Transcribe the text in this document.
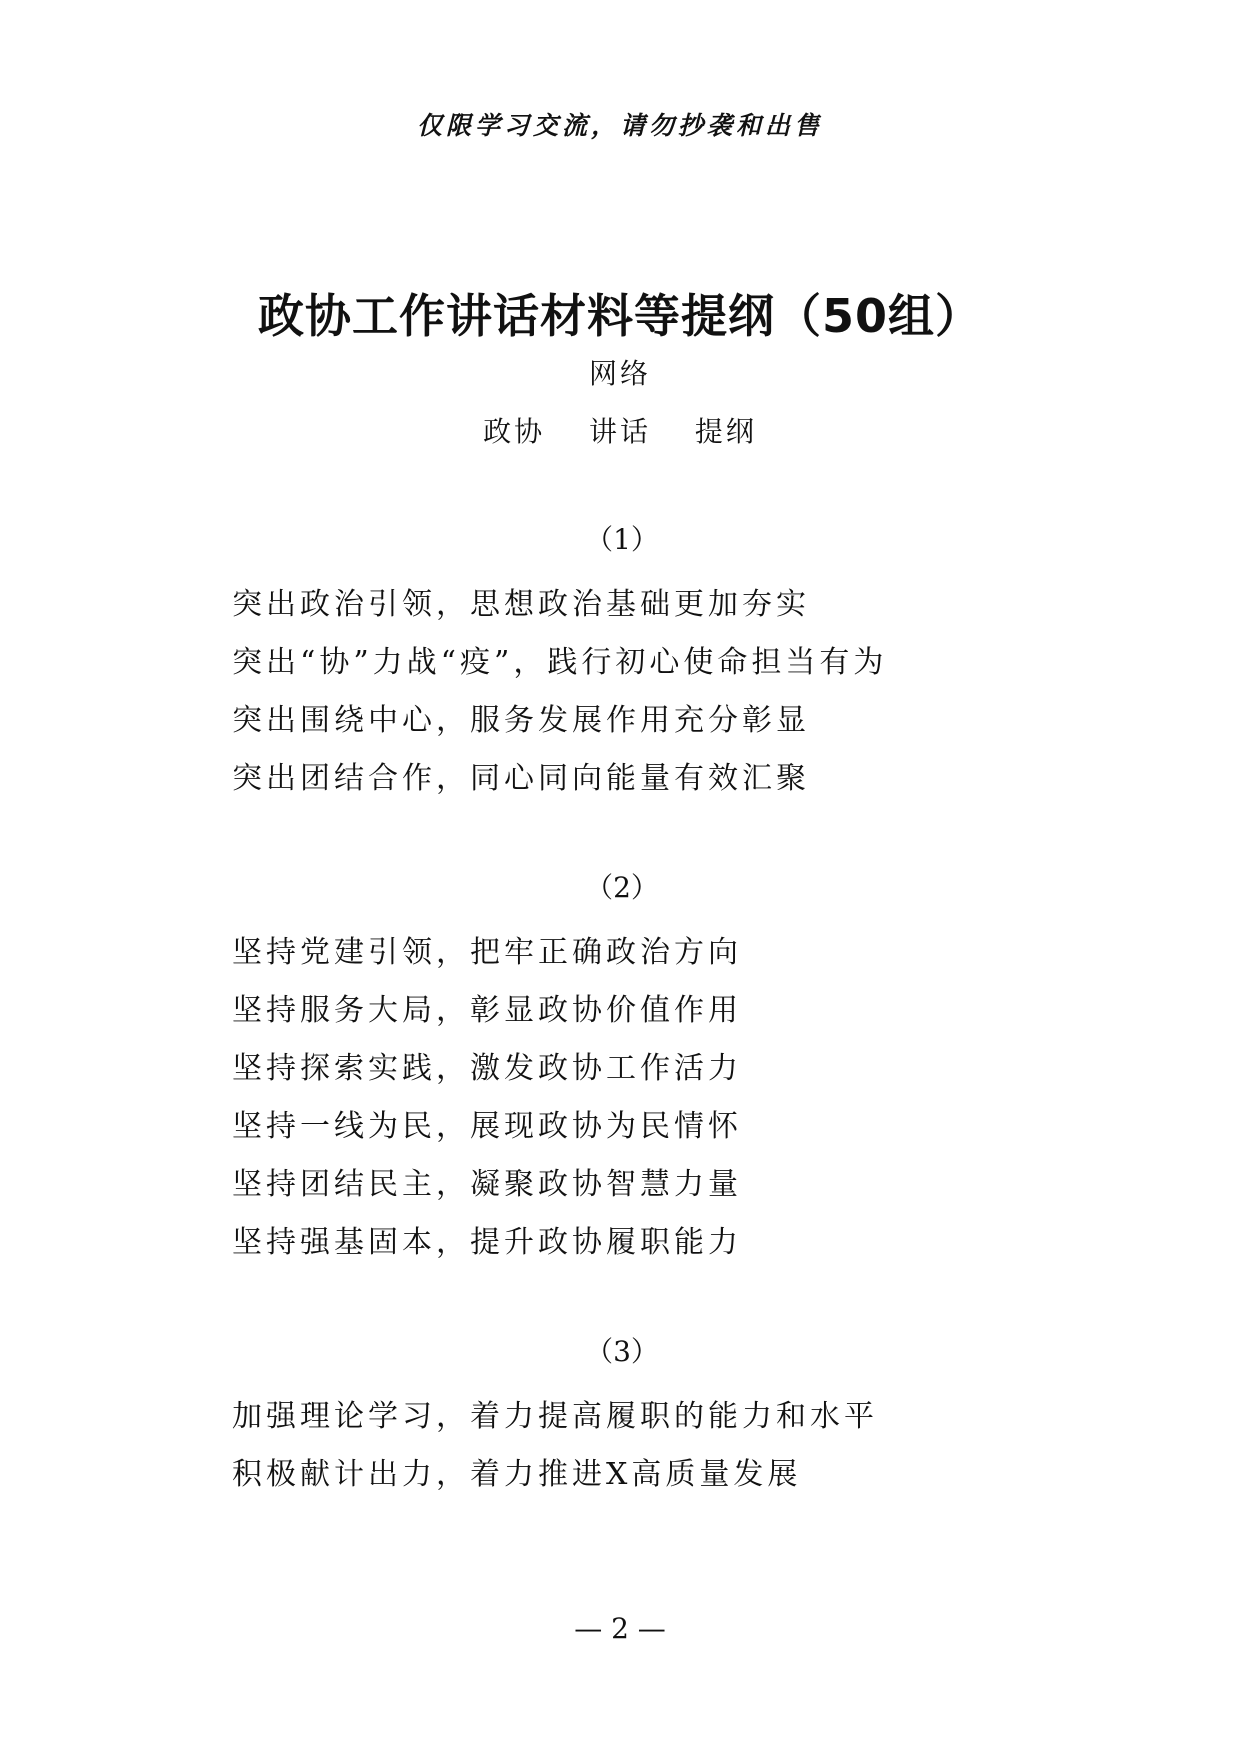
仅限学习交流，请勿抄袭和出售
政协工作讲话材料等提纲（50组）
网络
政协 讲话 提纲
（1）
突出政治引领，思想政治基础更加夯实
突出“协”力战“疫”，践行初心使命担当有为
突出围绕中心，服务发展作用充分彰显
突出团结合作，同心同向能量有效汇聚
（2）
坚持党建引领，把牢正确政治方向
坚持服务大局，彰显政协价值作用
坚持探索实践，激发政协工作活力
坚持一线为民，展现政协为民情怀
坚持团结民主，凝聚政协智慧力量
坚持强基固本，提升政协履职能力
（3）
加强理论学习，着力提高履职的能力和水平
积极献计出力，着力推进X高质量发展
— 2 —
